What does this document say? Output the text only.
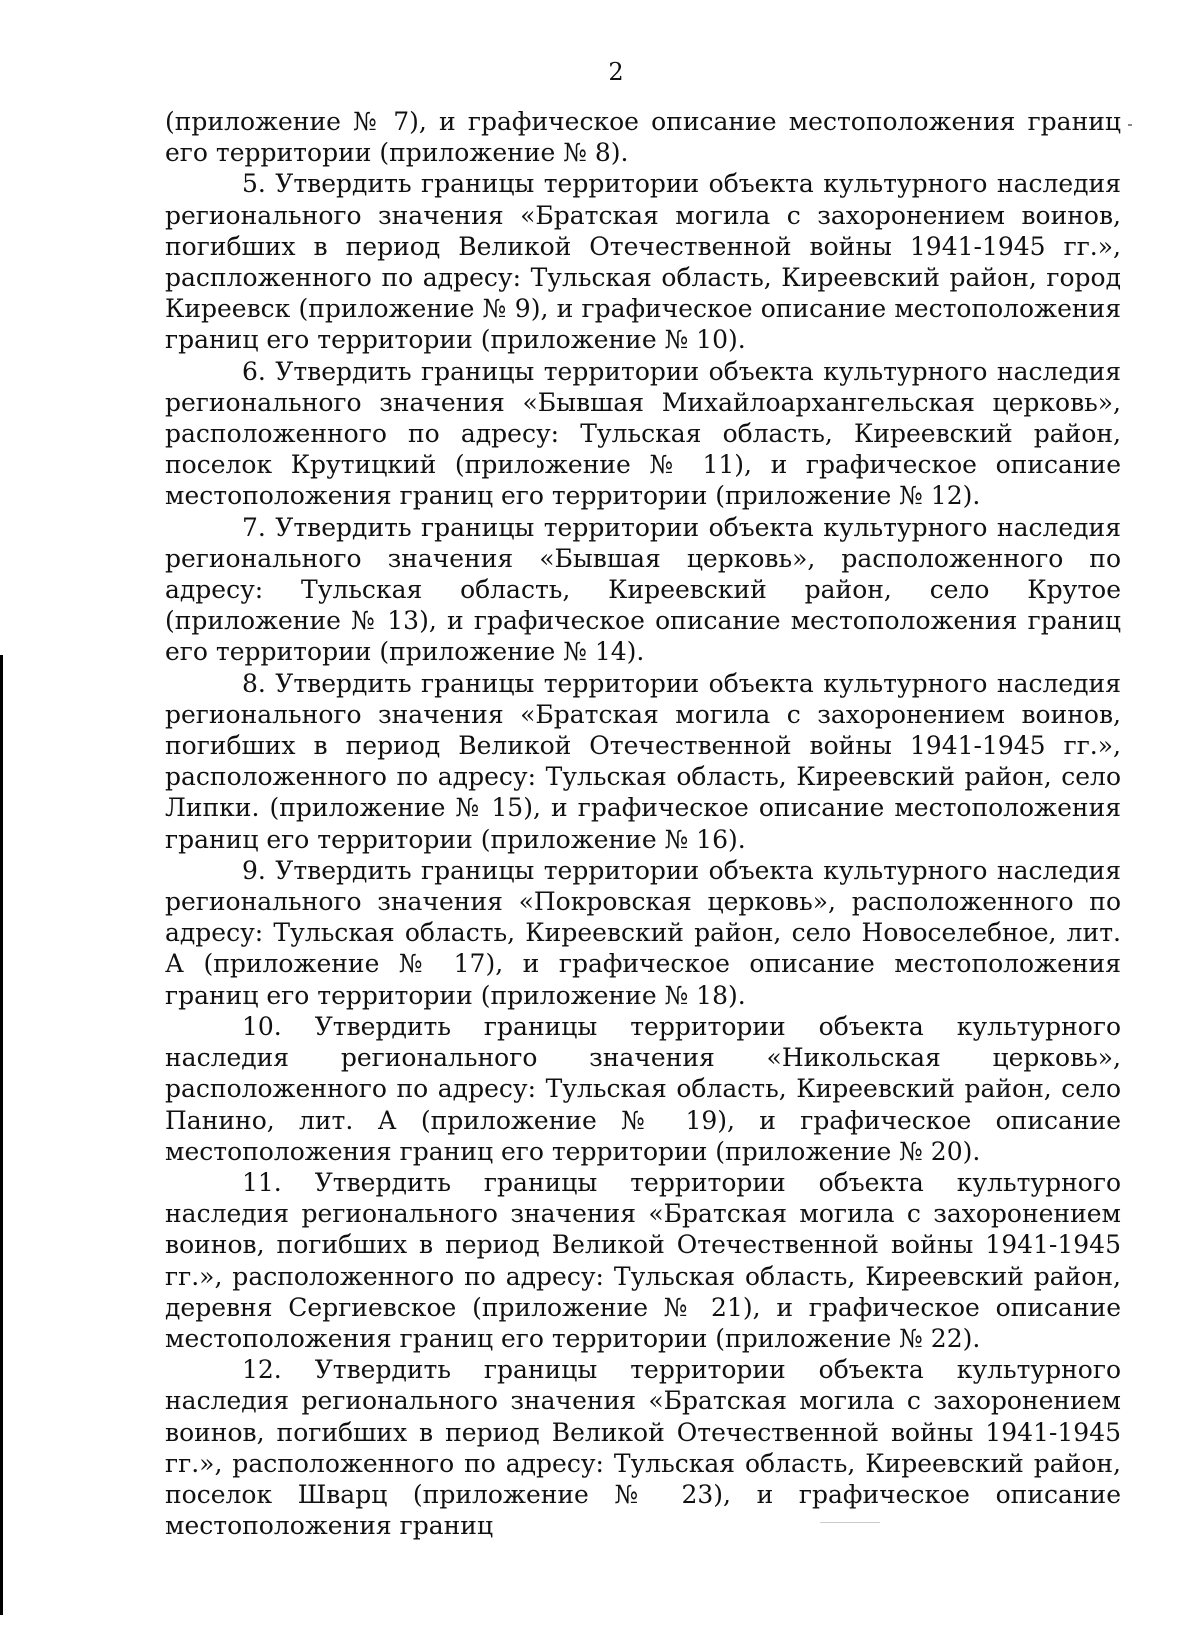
2

(приложение № 7), и графическое описание местоположения границ его территории (приложение № 8).

5. Утвердить границы территории объекта культурного наследия регионального значения «Братская могила с захоронением воинов, погибших в период Великой Отечественной войны 1941-1945 гг.», распложенного по адресу: Тульская область, Киреевский район, город Киреевск (приложение № 9), и графическое описание местоположения границ его территории (приложение № 10).

6. Утвердить границы территории объекта культурного наследия регионального значения «Бывшая Михайлоархангельская церковь», расположенного по адресу: Тульская область, Киреевский район, поселок Крутицкий (приложение № 11), и графическое описание местоположения границ его территории (приложение № 12).

7. Утвердить границы территории объекта культурного наследия регионального значения «Бывшая церковь», расположенного по адресу: Тульская область, Киреевский район, село Крутое (приложение № 13), и графическое описание местоположения границ его территории (приложение № 14).

8. Утвердить границы территории объекта культурного наследия регионального значения «Братская могила с захоронением воинов, погибших в период Великой Отечественной войны 1941-1945 гг.», расположенного по адресу: Тульская область, Киреевский район, село Липки. (приложение № 15), и графическое описание местоположения границ его территории (приложение № 16).

9. Утвердить границы территории объекта культурного наследия регионального значения «Покровская церковь», расположенного по адресу: Тульская область, Киреевский район, село Новоселебное, лит. А (приложение № 17), и графическое описание местоположения границ его территории (приложение № 18).

10. Утвердить границы территории объекта культурного наследия регионального значения «Никольская церковь», расположенного по адресу: Тульская область, Киреевский район, село Панино, лит. А (приложение № 19), и графическое описание местоположения границ его территории (приложение № 20).

11. Утвердить границы территории объекта культурного наследия регионального значения «Братская могила с захоронением воинов, погибших в период Великой Отечественной войны 1941-1945 гг.», расположенного по адресу: Тульская область, Киреевский район, деревня Сергиевское (приложение № 21), и графическое описание местоположения границ его территории (приложение № 22).

12. Утвердить границы территории объекта культурного наследия регионального значения «Братская могила с захоронением воинов, погибших в период Великой Отечественной войны 1941-1945 гг.», расположенного по адресу: Тульская область, Киреевский район, поселок Шварц (приложение № 23), и графическое описание местоположения границ
